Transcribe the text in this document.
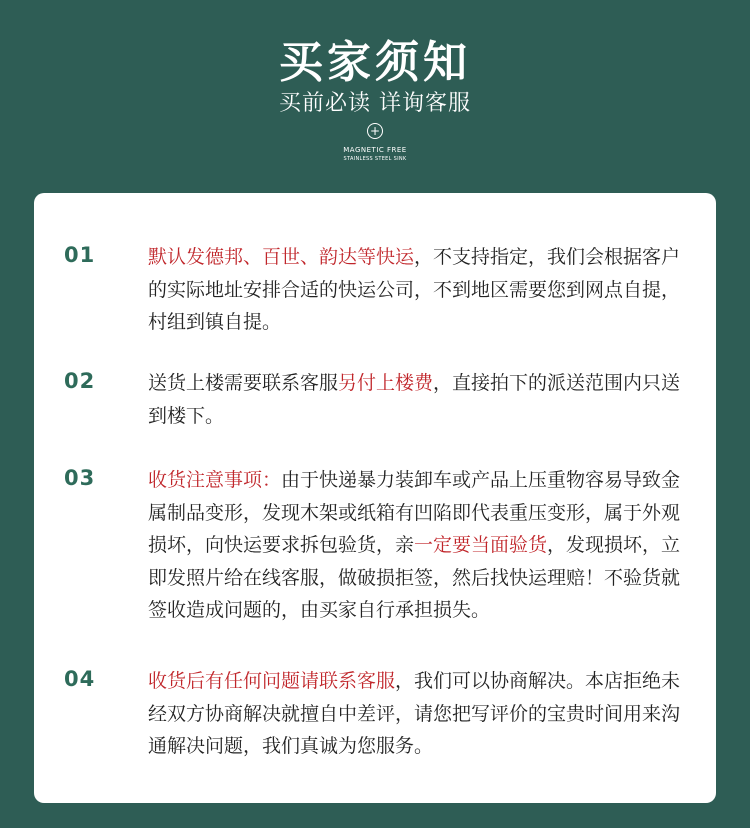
买家须知
买前必读 详询客服
+
MAGNETIC FREE
STAINLESS STEEL SINK
01	默认发德邦、百世、韵达等快运，不支持指定，我们会根据客户的实际地址安排合适的快运公司，不到地区需要您到网点自提，村组到镇自提。
02	送货上楼需要联系客服另付上楼费，直接拍下的派送范围内只送到楼下。
03	收货注意事项：由于快递暴力装卸车或产品上压重物容易导致金属制品变形，发现木架或纸箱有凹陷即代表重压变形，属于外观损坏，向快运要求拆包验货，亲一定要当面验货，发现损坏，立即发照片给在线客服，做破损拒签，然后找快运理赔！不验货就签收造成问题的，由买家自行承担损失。
04	收货后有任何问题请联系客服，我们可以协商解决。本店拒绝未经双方协商解决就擅自中差评，请您把写评价的宝贵时间用来沟通解决问题，我们真诚为您服务。
